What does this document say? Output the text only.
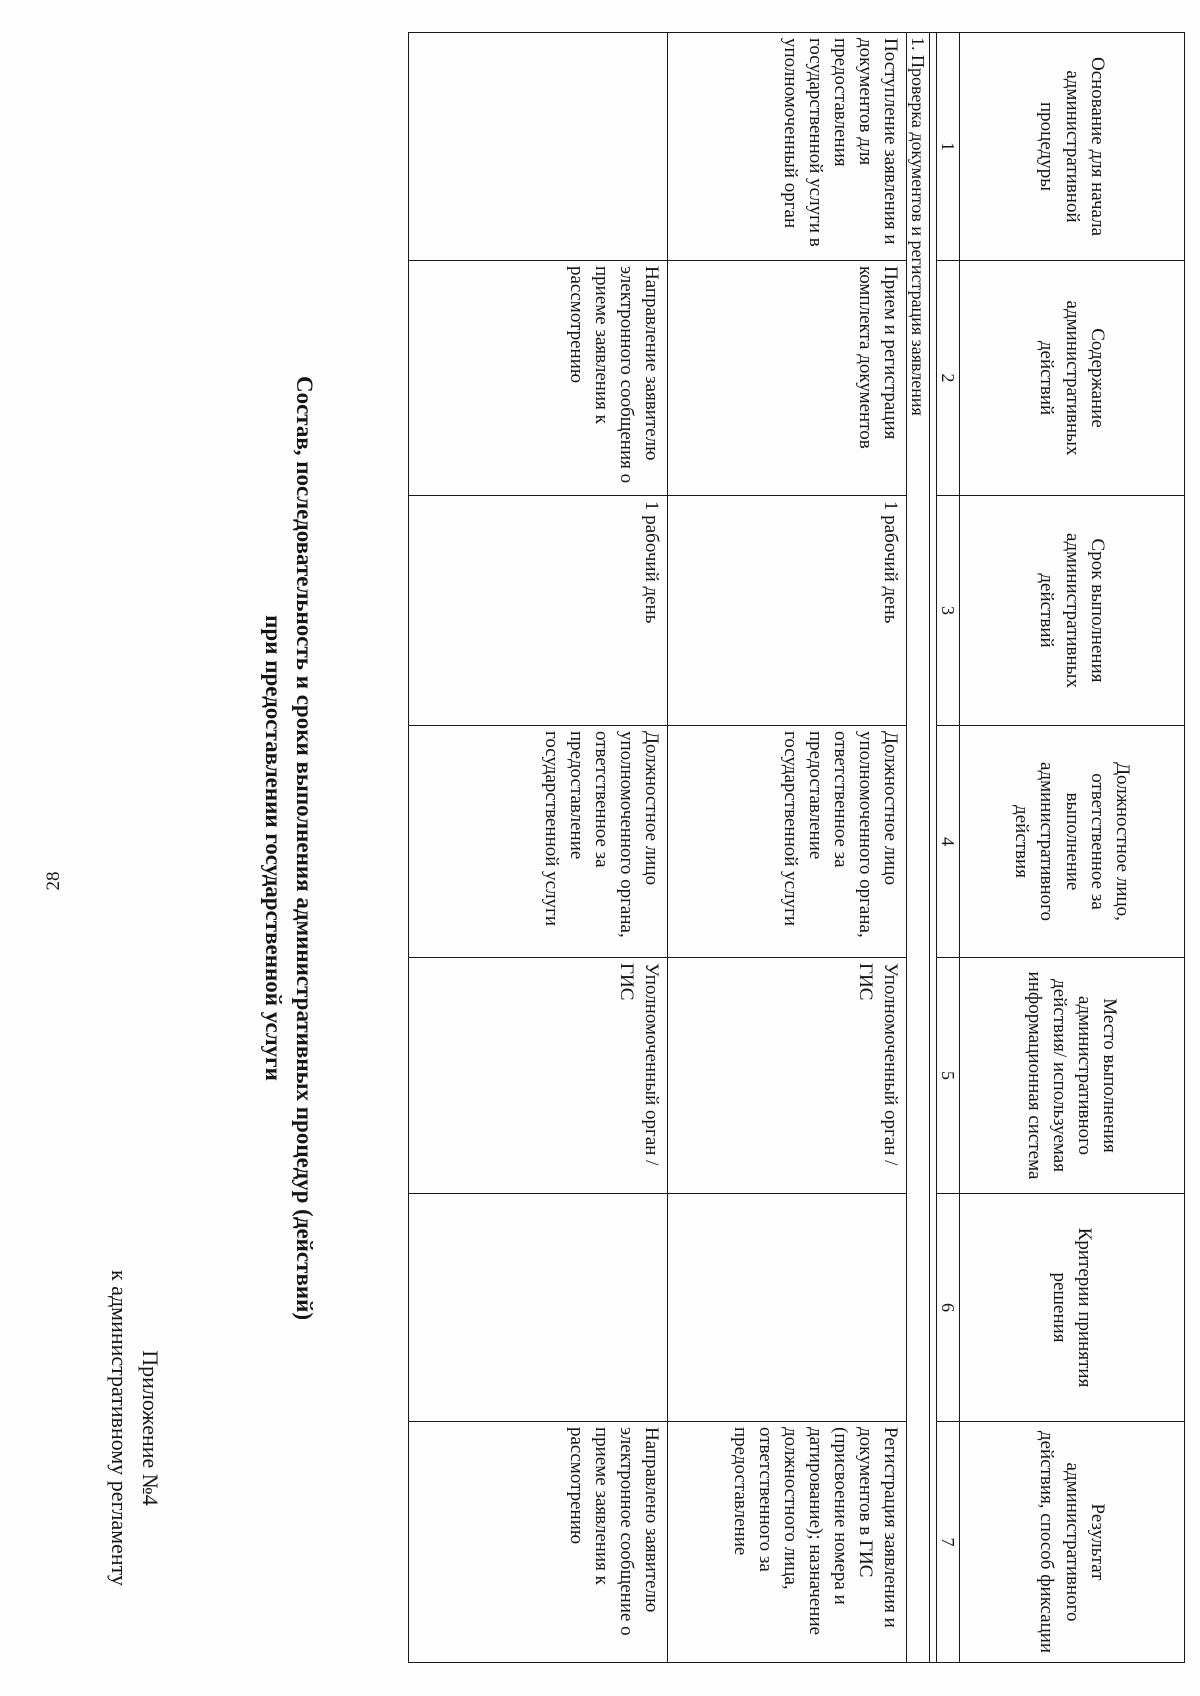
28
Приложение №4
к административному регламенту
Состав, последовательность и сроки выполнения административных процедур (действий)
при предоставлении государственной услуги
Основание для начала административной процедуры	Содержание административных действий	Срок выполнения административных действий	Должностное лицо, ответственное за выполнение административного действия	Место выполнения административного действия/ используемая информационная система	Критерии принятия решения	Результат административного действия, способ фиксации
1	2	3	4	5	6	7

1. Проверка документов и регистрация заявления						
Поступление заявления и документов для предоставления государственной услуги в уполномоченный орган	Прием и регистрация комплекта документов	1 рабочий день	Должностное лицо уполномоченного органа, ответственное за предоставление государственной услуги	Уполномоченный орган / ГИС		Регистрация заявления и документов в ГИС (присвоение номера и датирование); назначение должностного лица, ответственного за предоставление
	Направление заявителю электронного сообщения о приеме заявления к рассмотрению	1 рабочий день	Должностное лицо уполномоченного органа, ответственное за предоставление государственной услуги	Уполномоченный орган / ГИС		Направлено заявителю электронное сообщение о приеме заявления к рассмотрению
